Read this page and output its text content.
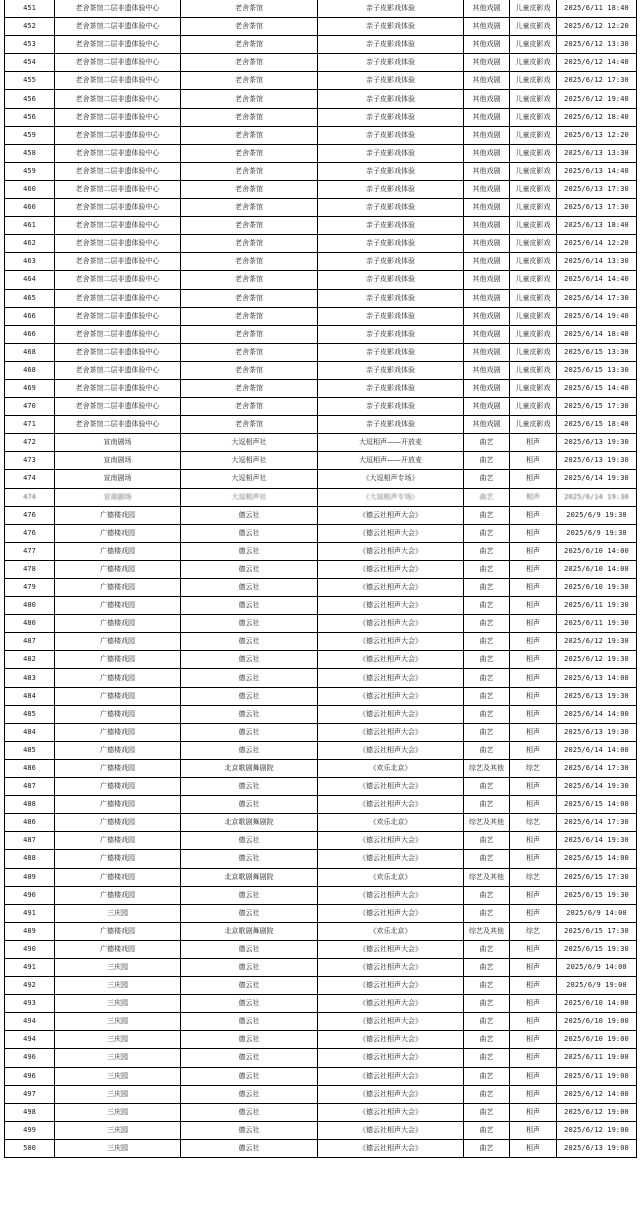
451	老舍茶馆二层非遗体验中心	老舍茶馆	亲子皮影戏体验	其他戏剧	儿童皮影戏	2025/6/11 18:40
452	老舍茶馆二层非遗体验中心	老舍茶馆	亲子皮影戏体验	其他戏剧	儿童皮影戏	2025/6/12 12:20
453	老舍茶馆二层非遗体验中心	老舍茶馆	亲子皮影戏体验	其他戏剧	儿童皮影戏	2025/6/12 13:30
454	老舍茶馆二层非遗体验中心	老舍茶馆	亲子皮影戏体验	其他戏剧	儿童皮影戏	2025/6/12 14:40
455	老舍茶馆二层非遗体验中心	老舍茶馆	亲子皮影戏体验	其他戏剧	儿童皮影戏	2025/6/12 17:30
456	老舍茶馆二层非遗体验中心	老舍茶馆	亲子皮影戏体验	其他戏剧	儿童皮影戏	2025/6/12 19:40
456	老舍茶馆二层非遗体验中心	老舍茶馆	亲子皮影戏体验	其他戏剧	儿童皮影戏	2025/6/12 18:40
459	老舍茶馆二层非遗体验中心	老舍茶馆	亲子皮影戏体验	其他戏剧	儿童皮影戏	2025/6/13 12:20
458	老舍茶馆二层非遗体验中心	老舍茶馆	亲子皮影戏体验	其他戏剧	儿童皮影戏	2025/6/13 13:30
459	老舍茶馆二层非遗体验中心	老舍茶馆	亲子皮影戏体验	其他戏剧	儿童皮影戏	2025/6/13 14:40
460	老舍茶馆二层非遗体验中心	老舍茶馆	亲子皮影戏体验	其他戏剧	儿童皮影戏	2025/6/13 17:30
460	老舍茶馆二层非遗体验中心	老舍茶馆	亲子皮影戏体验	其他戏剧	儿童皮影戏	2025/6/13 17:30
461	老舍茶馆二层非遗体验中心	老舍茶馆	亲子皮影戏体验	其他戏剧	儿童皮影戏	2025/6/13 18:40
462	老舍茶馆二层非遗体验中心	老舍茶馆	亲子皮影戏体验	其他戏剧	儿童皮影戏	2025/6/14 12:20
463	老舍茶馆二层非遗体验中心	老舍茶馆	亲子皮影戏体验	其他戏剧	儿童皮影戏	2025/6/14 13:30
464	老舍茶馆二层非遗体验中心	老舍茶馆	亲子皮影戏体验	其他戏剧	儿童皮影戏	2025/6/14 14:40
465	老舍茶馆二层非遗体验中心	老舍茶馆	亲子皮影戏体验	其他戏剧	儿童皮影戏	2025/6/14 17:30
466	老舍茶馆二层非遗体验中心	老舍茶馆	亲子皮影戏体验	其他戏剧	儿童皮影戏	2025/6/14 19:40
466	老舍茶馆二层非遗体验中心	老舍茶馆	亲子皮影戏体验	其他戏剧	儿童皮影戏	2025/6/14 18:40
468	老舍茶馆二层非遗体验中心	老舍茶馆	亲子皮影戏体验	其他戏剧	儿童皮影戏	2025/6/15 13:30
468	老舍茶馆二层非遗体验中心	老舍茶馆	亲子皮影戏体验	其他戏剧	儿童皮影戏	2025/6/15 13:30
469	老舍茶馆二层非遗体验中心	老舍茶馆	亲子皮影戏体验	其他戏剧	儿童皮影戏	2025/6/15 14:40
470	老舍茶馆二层非遗体验中心	老舍茶馆	亲子皮影戏体验	其他戏剧	儿童皮影戏	2025/6/15 17:30
471	老舍茶馆二层非遗体验中心	老舍茶馆	亲子皮影戏体验	其他戏剧	儿童皮影戏	2025/6/15 18:40
472	宣南剧场	大逗相声社	大逗相声——开放麦	曲艺	相声	2025/6/13 19:30
473	宣南剧场	大逗相声社	大逗相声——开放麦	曲艺	相声	2025/6/13 19:30
474	宣南剧场	大逗相声社	《大逗相声专场》	曲艺	相声	2025/6/14 19:30
474	宣南剧场	大逗相声社	《大逗相声专场》	曲艺	相声	2025/6/14 19:30
476	广德楼戏园	德云社	《德云社相声大会》	曲艺	相声	2025/6/9 19:30
476	广德楼戏园	德云社	《德云社相声大会》	曲艺	相声	2025/6/9 19:30
477	广德楼戏园	德云社	《德云社相声大会》	曲艺	相声	2025/6/10 14:00
478	广德楼戏园	德云社	《德云社相声大会》	曲艺	相声	2025/6/10 14:00
479	广德楼戏园	德云社	《德云社相声大会》	曲艺	相声	2025/6/10 19:30
480	广德楼戏园	德云社	《德云社相声大会》	曲艺	相声	2025/6/11 19:30
480	广德楼戏园	德云社	《德云社相声大会》	曲艺	相声	2025/6/11 19:30
487	广德楼戏园	德云社	《德云社相声大会》	曲艺	相声	2025/6/12 19:30
482	广德楼戏园	德云社	《德云社相声大会》	曲艺	相声	2025/6/12 19:30
483	广德楼戏园	德云社	《德云社相声大会》	曲艺	相声	2025/6/13 14:00
484	广德楼戏园	德云社	《德云社相声大会》	曲艺	相声	2025/6/13 19:30
485	广德楼戏园	德云社	《德云社相声大会》	曲艺	相声	2025/6/14 14:00
484	广德楼戏园	德云社	《德云社相声大会》	曲艺	相声	2025/6/13 19:30
485	广德楼戏园	德云社	《德云社相声大会》	曲艺	相声	2025/6/14 14:00
486	广德楼戏园	北京歌剧舞剧院	《欢乐北京》	综艺及其他	综艺	2025/6/14 17:30
487	广德楼戏园	德云社	《德云社相声大会》	曲艺	相声	2025/6/14 19:30
488	广德楼戏园	德云社	《德云社相声大会》	曲艺	相声	2025/6/15 14:00
486	广德楼戏园	北京歌剧舞剧院	《欢乐北京》	综艺及其他	综艺	2025/6/14 17:30
487	广德楼戏园	德云社	《德云社相声大会》	曲艺	相声	2025/6/14 19:30
488	广德楼戏园	德云社	《德云社相声大会》	曲艺	相声	2025/6/15 14:00
489	广德楼戏园	北京歌剧舞剧院	《欢乐北京》	综艺及其他	综艺	2025/6/15 17:30
490	广德楼戏园	德云社	《德云社相声大会》	曲艺	相声	2025/6/15 19:30
491	三庆园	德云社	《德云社相声大会》	曲艺	相声	2025/6/9 14:00
489	广德楼戏园	北京歌剧舞剧院	《欢乐北京》	综艺及其他	综艺	2025/6/15 17:30
490	广德楼戏园	德云社	《德云社相声大会》	曲艺	相声	2025/6/15 19:30
491	三庆园	德云社	《德云社相声大会》	曲艺	相声	2025/6/9 14:00
492	三庆园	德云社	《德云社相声大会》	曲艺	相声	2025/6/9 19:00
493	三庆园	德云社	《德云社相声大会》	曲艺	相声	2025/6/10 14:00
494	三庆园	德云社	《德云社相声大会》	曲艺	相声	2025/6/10 19:00
494	三庆园	德云社	《德云社相声大会》	曲艺	相声	2025/6/10 19:00
496	三庆园	德云社	《德云社相声大会》	曲艺	相声	2025/6/11 19:00
496	三庆园	德云社	《德云社相声大会》	曲艺	相声	2025/6/11 19:00
497	三庆园	德云社	《德云社相声大会》	曲艺	相声	2025/6/12 14:00
498	三庆园	德云社	《德云社相声大会》	曲艺	相声	2025/6/12 19:00
499	三庆园	德云社	《德云社相声大会》	曲艺	相声	2025/6/12 19:00
500	三庆园	德云社	《德云社相声大会》	曲艺	相声	2025/6/13 19:00
